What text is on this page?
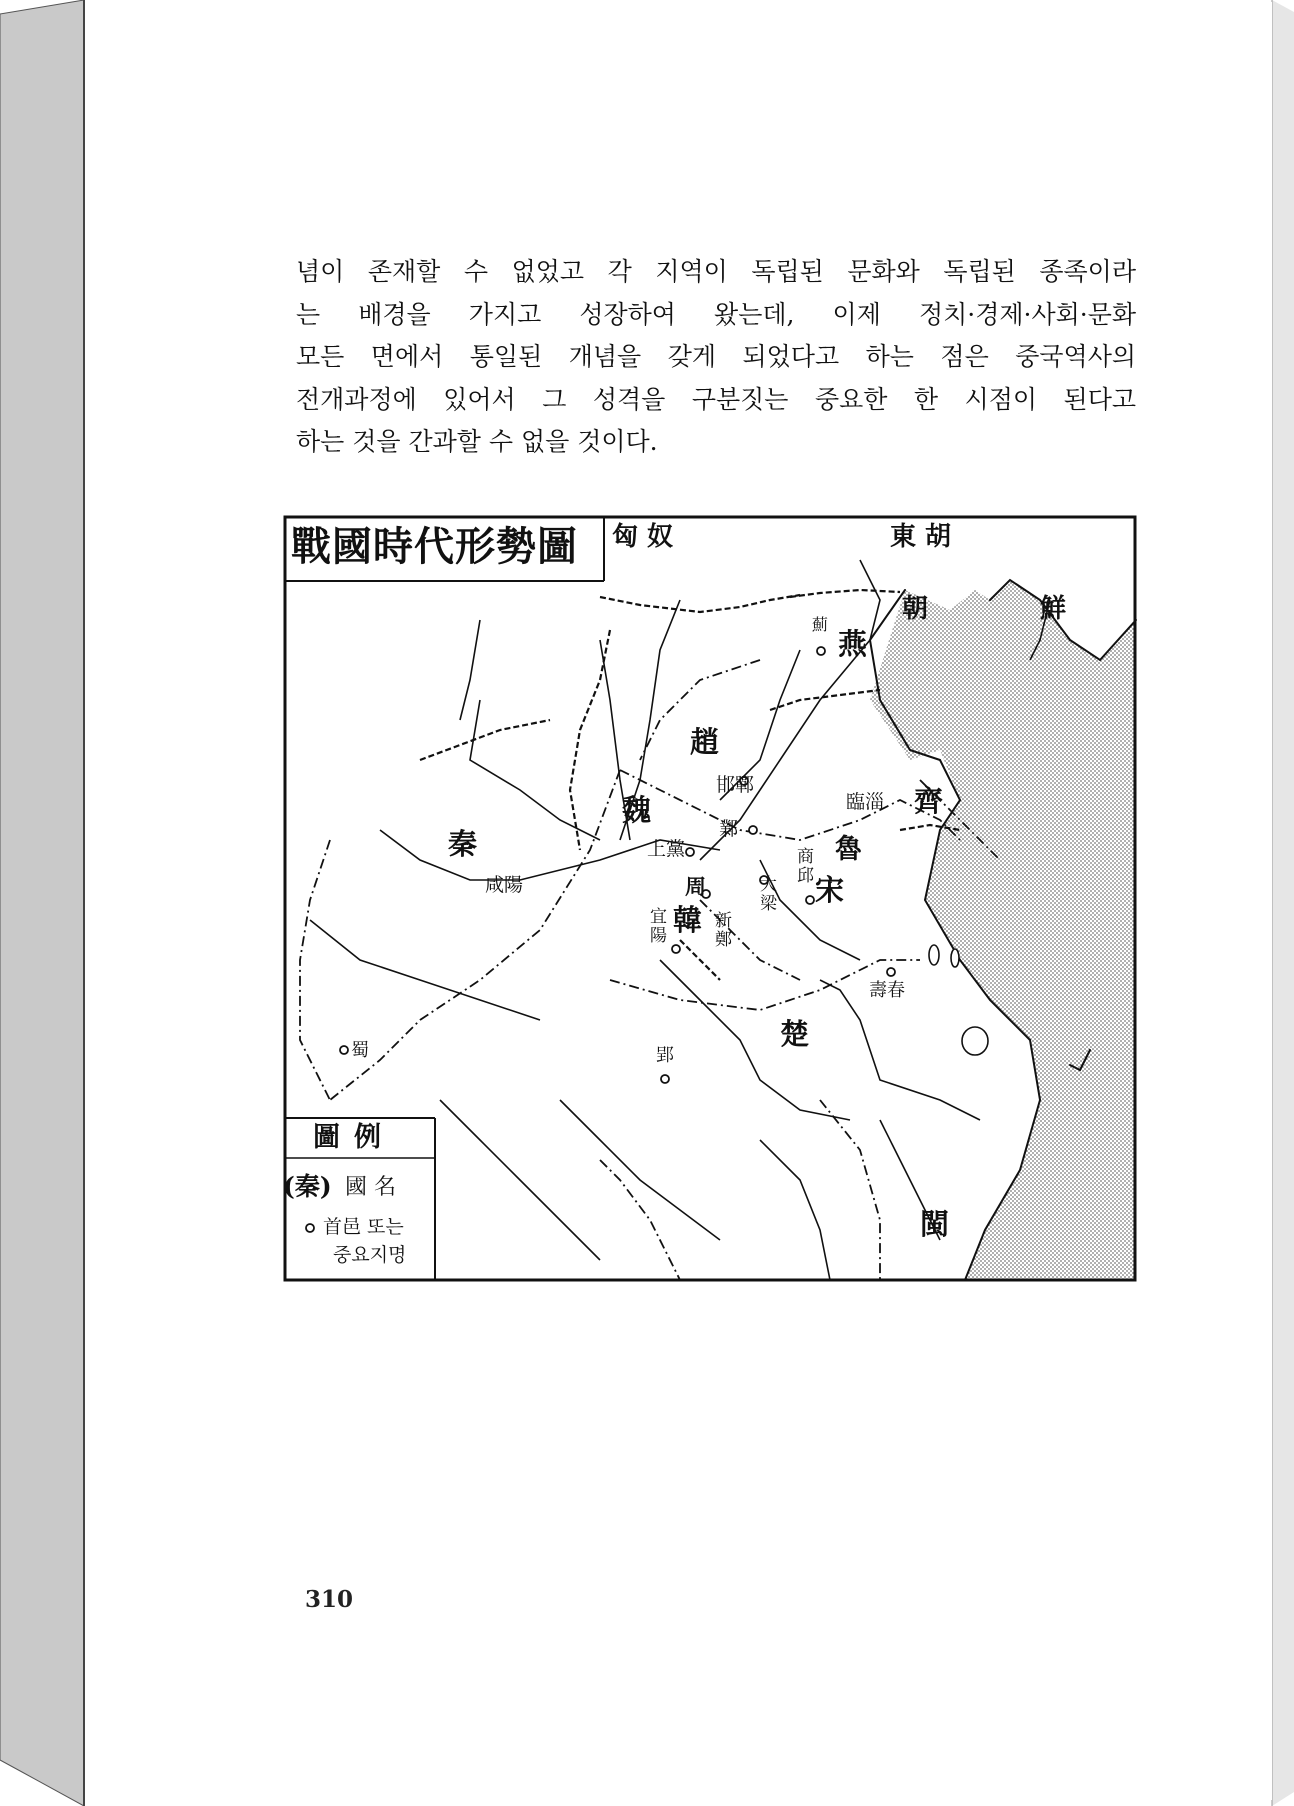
념이 존재할 수 없었고 각 지역이 독립된 문화와 독립된 종족이라
는 배경을 가지고 성장하여 왔는데, 이제 정치·경제·사회·문화
모든 면에서 통일된 개념을 갖게 되었다고 하는 점은 중국역사의
전개과정에 있어서 그 성격을 구분짓는 중요한 한 시점이 된다고
하는 것을 간과할 수 없을 것이다.
戰國時代形勢圖	匈 奴	東 胡
朝	鮮
燕
趙
魏
秦
齊
魯
宋
周
韓
楚
閩
薊
邯鄲
臨淄
鄴
上黨
咸陽
商邱
大梁
宜陽
新鄭
壽春
蜀	郢
圖例
(秦) 國 名
首邑 또는
중요지명
310
